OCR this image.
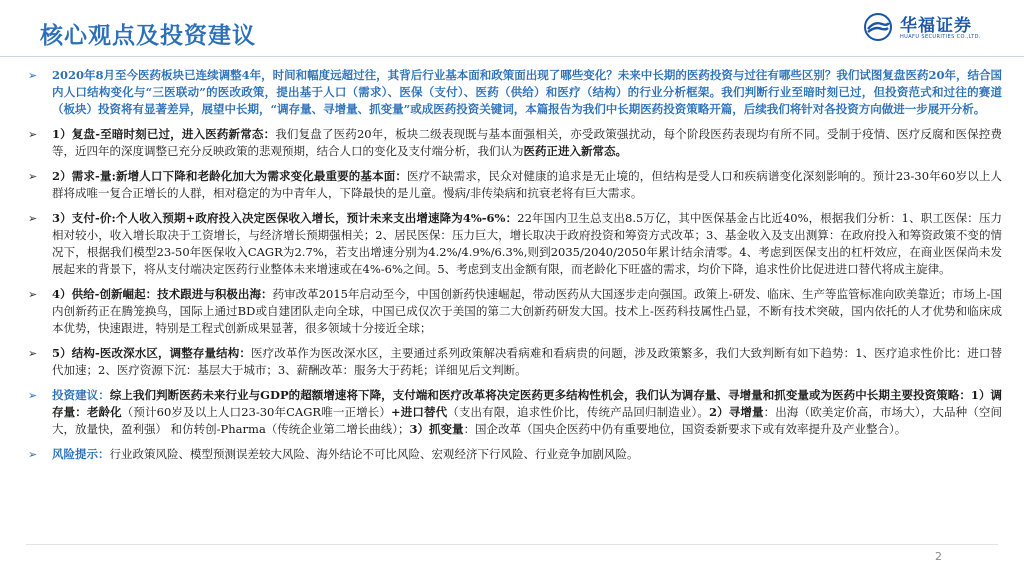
核心观点及投资建议	华福证券
HUAFU SECURITIES CO.,LTD.
➢ 2020年8月至今医药板块已连续调整4年，时间和幅度远超过往，其背后行业基本面和政策面出现了哪些变化？未来中长期的医药投资与过往有哪些区别？我们试图复盘医药20年，结合国内人口结构变化与“三医联动”的医改政策，提出基于人口（需求）、医保（支付）、医药（供给）和医疗（结构）的行业分析框架。我们判断行业至暗时刻已过，但投资范式和过往的赛道（板块）投资将有显著差异，展望中长期，“调存量、寻增量、抓变量”或成医药投资关键词，本篇报告为我们中长期医药投资策略开篇，后续我们将针对各投资方向做进一步展开分析。
➢ 1）复盘-至暗时刻已过，进入医药新常态：我们复盘了医药20年，板块二级表现既与基本面强相关，亦受政策强扰动，每个阶段医药表现均有所不同。受制于疫情、医疗反腐和医保控费等，近四年的深度调整已充分反映政策的悲观预期，结合人口的变化及支付端分析，我们认为医药正进入新常态。
➢ 2）需求-量:新增人口下降和老龄化加大为需求变化最重要的基本面：医疗不缺需求，民众对健康的追求是无止境的，但结构是受人口和疾病谱变化深刻影响的。预计23-30年60岁以上人群将成唯一复合正增长的人群，相对稳定的为中青年人，下降最快的是儿童。慢病/非传染病和抗衰老将有巨大需求。
➢ 3）支付-价:个人收入预期+政府投入决定医保收入增长，预计未来支出增速降为4%-6%：22年国内卫生总支出8.5万亿，其中医保基金占比近40%，根据我们分析：1、职工医保：压力相对较小，收入增长取决于工资增长，与经济增长预期强相关；2、居民医保：压力巨大，增长取决于政府投资和筹资方式改革；3、基金收入及支出测算：在政府投入和筹资政策不变的情况下，根据我们模型23-50年医保收入CAGR为2.7%，若支出增速分别为4.2%/4.9%/6.3%,则到2035/2040/2050年累计结余清零。4、考虑到医保支出的杠杆效应，在商业医保尚未发展起来的背景下，将从支付端决定医药行业整体未来增速或在4%-6%之间。5、考虑到支出金额有限，而老龄化下旺盛的需求，均价下降，追求性价比促进进口替代将成主旋律。
➢ 4）供给-创新崛起：技术跟进与积极出海：药审改革2015年启动至今，中国创新药快速崛起，带动医药从大国逐步走向强国。政策上-研发、临床、生产等监管标准向欧美靠近；市场上-国内创新药正在腾笼换鸟，国际上通过BD或自建团队走向全球，中国已成仅次于美国的第二大创新药研发大国。技术上-医药科技属性凸显，不断有技术突破，国内依托的人才优势和临床成本优势，快速跟进，特别是工程式创新成果显著，很多领域十分接近全球；
➢ 5）结构-医改深水区，调整存量结构：医疗改革作为医改深水区，主要通过系列政策解决看病难和看病贵的问题，涉及政策繁多，我们大致判断有如下趋势：1、医疗追求性价比：进口替代加速；2、医疗资源下沉：基层大于城市；3、薪酬改革：服务大于药耗；详细见后文判断。
➢ 投资建议：综上我们判断医药未来行业与GDP的超额增速将下降，支付端和医疗改革将决定医药更多结构性机会，我们认为调存量、寻增量和抓变量或为医药中长期主要投资策略：1）调存量：老龄化（预计60岁及以上人口23-30年CAGR唯一正增长）+进口替代（支出有限，追求性价比，传统产品回归制造业）。2）寻增量：出海（欧美定价高，市场大），大品种（空间大，放量快，盈利强） 和仿转创-Pharma（传统企业第二增长曲线）；3）抓变量：国企改革（国央企医药中仍有重要地位，国资委新要求下或有效率提升及产业整合）。
➢ 风险提示：行业政策风险、模型预测误差较大风险、海外结论不可比风险、宏观经济下行风险、行业竞争加剧风险。
2
